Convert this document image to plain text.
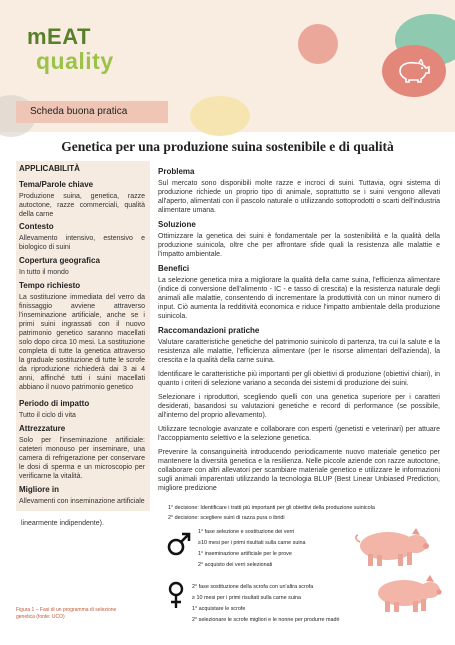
mEAT
quality
Scheda buona pratica
Genetica per una produzione suina sostenibile e di qualità
APPLICABILITÀ
Tema/Parole chiave
Produzione suina, genetica, razze autoctone, razze commerciali, qualità della carne
Contesto
Allevamento intensivo, estensivo e biologico di suini
Copertura geografica
In tutto il mondo
Tempo richiesto
La sostituzione immediata del verro da finissaggio avviene attraverso l'inseminazione artificiale, anche se i primi suini ingrassati con il nuovo patrimonio genetico saranno macellati solo dopo circa 10 mesi. La sostituzione completa di tutte la genetica attraverso la graduale sostituzione di tutte le scrofe da riproduzione richiederà dai 3 ai 4 anni, affinché tutti i suini macellati abbiano il nuovo patrimonio genetico
Periodo di impatto
Tutto il ciclo di vita
Attrezzature
Solo per l'inseminazione artificiale: cateteri monouso per inseminare, una camera di refrigerazione per conservare le dosi di sperma e un microscopio per verificarne la vitalità.
Migliore in
Allevamenti con inseminazione artificiale
Problema

Sul mercato sono disponibili molte razze e incroci di suini. Tuttavia, ogni sistema di produzione richiede un proprio tipo di animale, soprattutto se i suini vengono allevati all'aperto, alimentati con il pascolo naturale o utilizzando sottoprodotti o scarti dell'industria alimentare umana.

Soluzione

Ottimizzare la genetica dei suini è fondamentale per la sostenibilità e la qualità della produzione suinicola, oltre che per affrontare sfide quali la resistenza alle malattie e l'impatto ambientale.

Benefici

La selezione genetica mira a migliorare la qualità della carne suina, l'efficienza alimentare (indice di conversione dell'alimento - IC - e tasso di crescita) e la resistenza naturale degli animali alle malattie, consentendo di incrementare la produttività con un minor numero di input. Ciò aumenta la redditività economica e riduce l'impatto ambientale della produzione suinicola.

Raccomandazioni pratiche

Valutare caratteristiche genetiche del patrimonio suinicolo di partenza, tra cui la salute e la resistenza alle malattie, l'efficienza alimentare (per le risorse alimentari dell'azienda), la crescita e la qualità della carne suina.

Identificare le caratteristiche più importanti per gli obiettivi di produzione (obiettivi chiari), in quanto i criteri di selezione variano a seconda dei sistemi di produzione dei suini.

Selezionare i riproduttori, scegliendo quelli con una genetica superiore per i caratteri desiderati, basandosi su valutazioni genetiche e record di performance (se possibile, all'interno del proprio allevamento).

Utilizzare tecnologie avanzate e collaborare con esperti (genetisti e veterinari) per attuare l'accoppiamento selettivo e la selezione genetica.

Prevenire la consanguineità introducendo periodicamente nuovo materiale genetico per mantenere la diversità genetica e la resilienza. Nelle piccole aziende con razze autoctone, collaborare con altri allevatori per scambiare materiale genetico e utilizzare le informazioni sugli animali imparentati utilizzando la tecnologia BLUP (Best Linear Unbiased Prediction, migliore predizione

linearmente indipendente).
Figura 1 – Fasi di un programma di selezione genetica (fonte: UCO)
1° decisione: Identificare i tratti più importanti per gli obiettivi della produzione suinicola
2° decisione: scegliere suini di razza pura o ibridi
1° fase selezione e sostituzione dei verri
≥10 mesi per i primi risultati sulla carne suina
1° inseminazione artificiale per le prove
2° acquisto dei verri selezionati
2° fase sostituzione della scrofa con un'altra scrofa
≥ 10 mesi per i primi risultati sulla carne suina
1° acquistare le scrofe
2° selezionare le scrofe migliori e le nonne per produrre madri
